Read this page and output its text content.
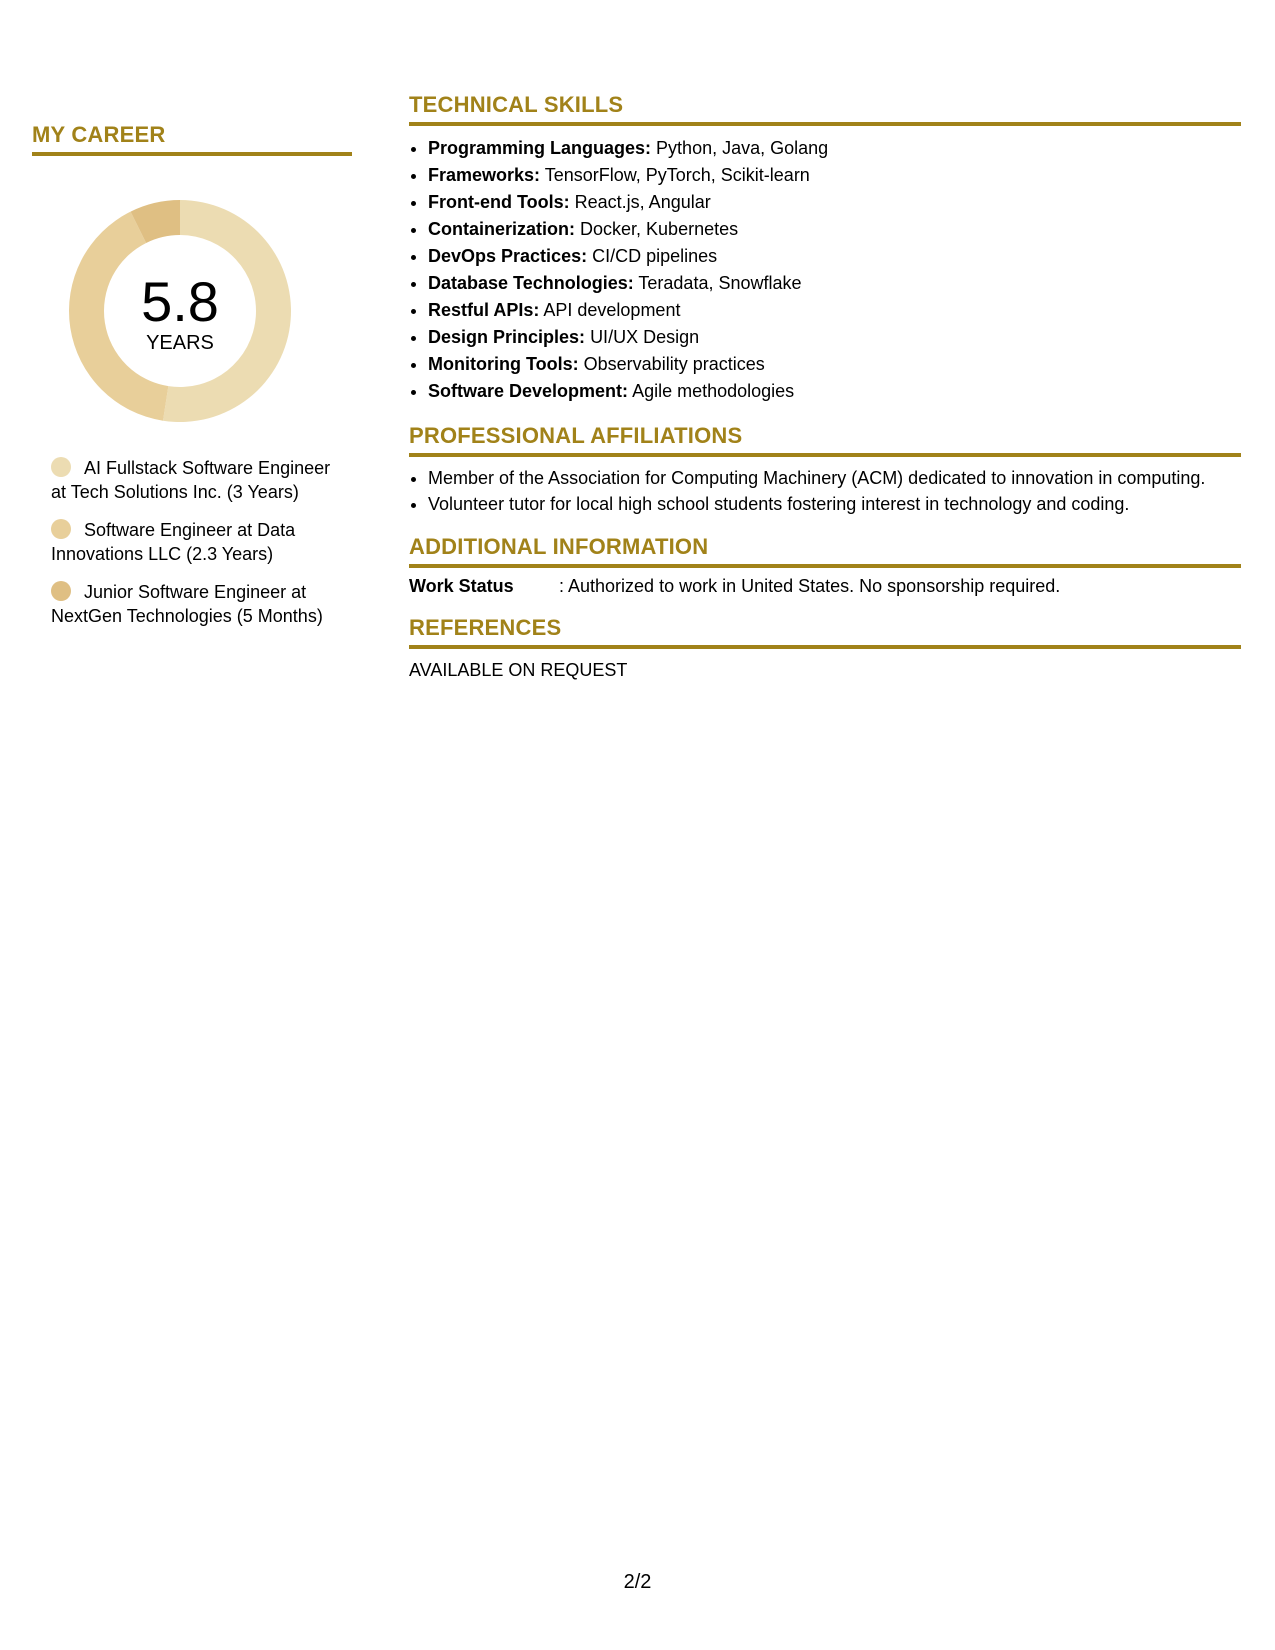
MY CAREER
5.8
YEARS
AI Fullstack Software Engineer at Tech Solutions Inc. (3 Years)
Software Engineer at Data Innovations LLC (2.3 Years)
Junior Software Engineer at NextGen Technologies (5 Months)
TECHNICAL SKILLS
• Programming Languages: Python, Java, Golang
• Frameworks: TensorFlow, PyTorch, Scikit-learn
• Front-end Tools: React.js, Angular
• Containerization: Docker, Kubernetes
• DevOps Practices: CI/CD pipelines
• Database Technologies: Teradata, Snowflake
• Restful APIs: API development
• Design Principles: UI/UX Design
• Monitoring Tools: Observability practices
• Software Development: Agile methodologies
PROFESSIONAL AFFILIATIONS
• Member of the Association for Computing Machinery (ACM) dedicated to innovation in computing.
• Volunteer tutor for local high school students fostering interest in technology and coding.
ADDITIONAL INFORMATION
Work Status	: Authorized to work in United States. No sponsorship required.
REFERENCES
AVAILABLE ON REQUEST
2/2
